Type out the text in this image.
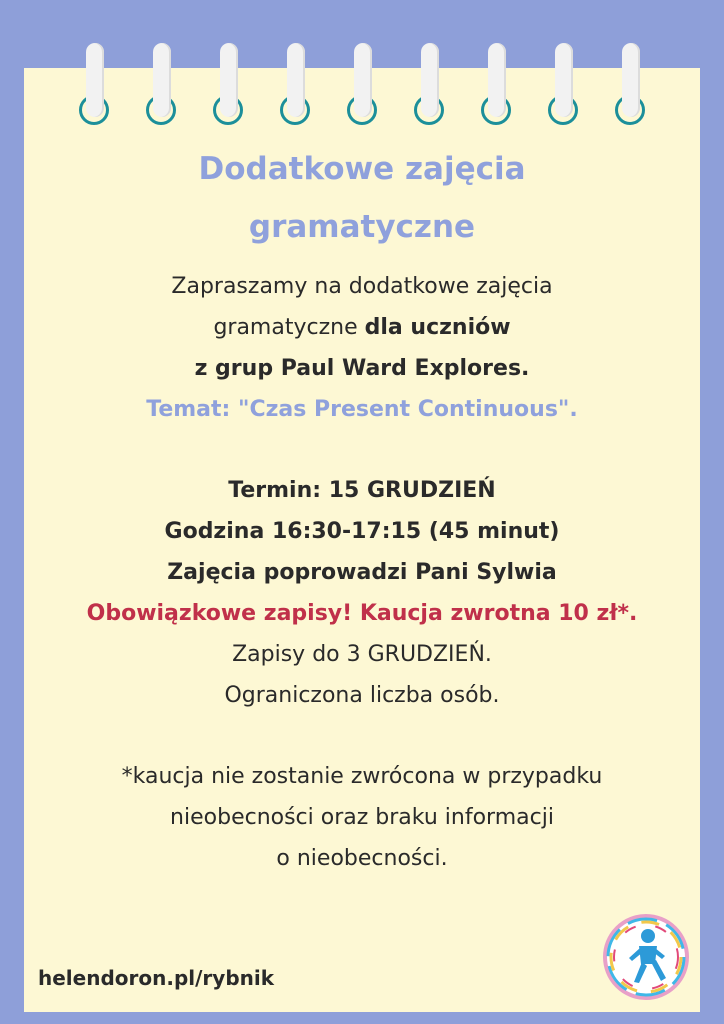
Dodatkowe zajęcia

gramatyczne

Zapraszamy na dodatkowe zajęcia

gramatyczne dla uczniów

z grup Paul Ward Explores.

Temat: "Czas Present Continuous".

Termin: 15 GRUDZIEŃ

Godzina 16:30-17:15 (45 minut)

Zajęcia poprowadzi Pani Sylwia

Obowiązkowe zapisy! Kaucja zwrotna 10 zł*.

Zapisy do 3 GRUDZIEŃ.

Ograniczona liczba osób.

*kaucja nie zostanie zwrócona w przypadku

nieobecności oraz braku informacji

o nieobecności.

helendoron.pl/rybnik
